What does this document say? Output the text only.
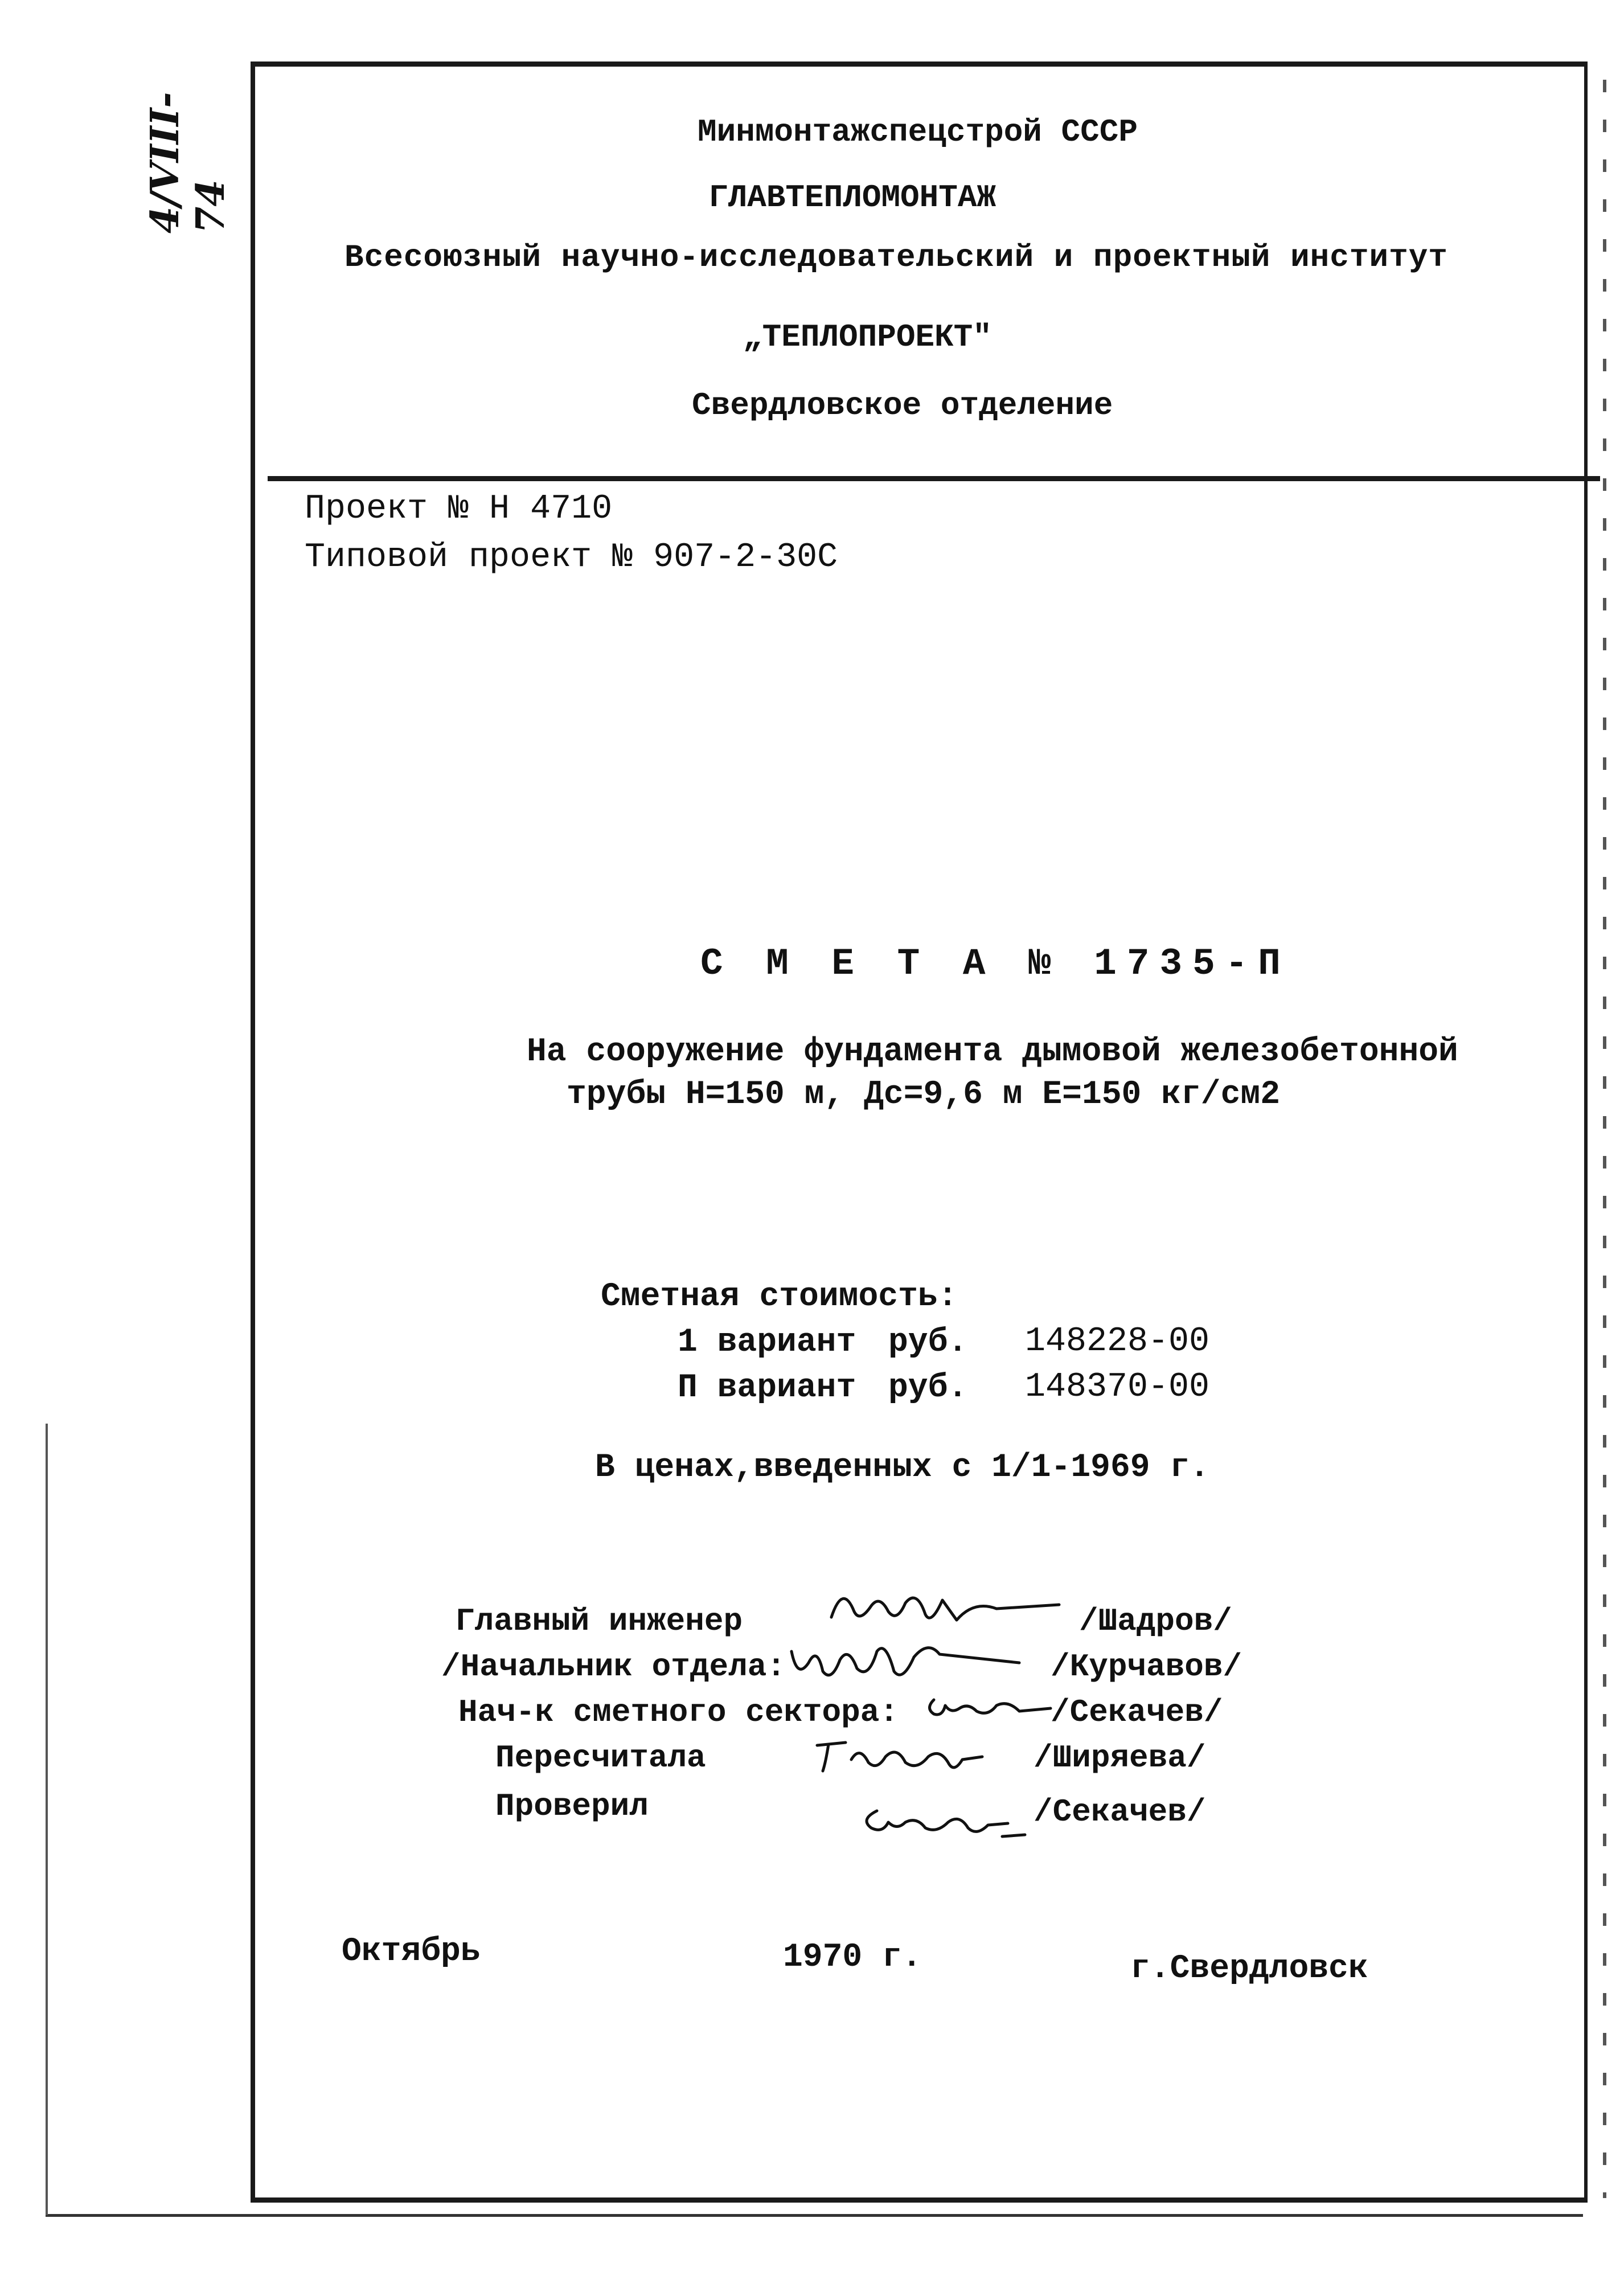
4/VIII-74
Минмонтажспецстрой СССР
ГЛАВТЕПЛОМОНТАЖ
Всесоюзный научно-исследовательский и проектный институт
„ТЕПЛОПРОЕКТ"
Свердловское отделение
Проект № Н 4710
Типовой проект № 907-2-30С
С М Е Т А № 1735-П
На сооружение фундамента дымовой железобетонной
трубы Н=150 м, Дс=9,6 м Е=150 кг/см2
Сметная стоимость:
1 вариант руб. 148228-00
П вариант руб. 148370-00
В ценах,введенных с 1/1-1969 г.
Главный инженер	/Шадров/
/Начальник отдела:	/Курчавов/
Нач-к сметного сектора:	/Секачев/
Пересчитала	/Ширяева/
Проверил	/Секачев/
Октябрь	1970 г.	г.Свердловск
